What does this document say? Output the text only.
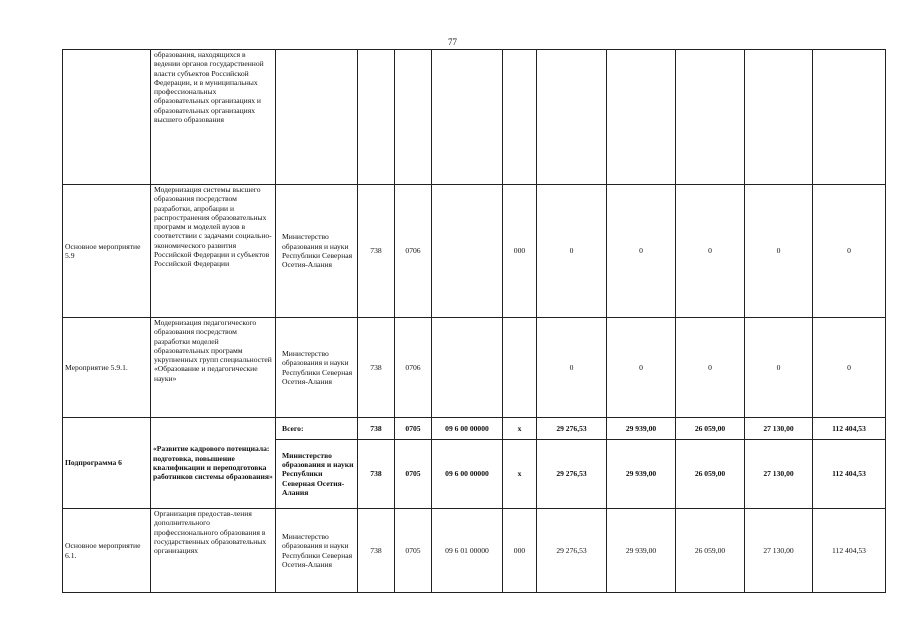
77
	образования, находящихся в ведении органов государственной власти субъектов Российской Федерации, и в муниципальных профессиональных образовательных организациях и образовательных организациях высшего образования										
Основное мероприятие 5.9	Модернизация системы высшего образования посредством разработки, апробации и распространения образовательных программ и моделей вузов в соответствии с задачами социально-экономического развития Российской Федерации и субъектов Российской Федерации	Министерство образования и науки Республики Северная Осетия-Алания	738	0706		000	0	0	0	0	0
Мероприятие 5.9.1.	Модернизация педагогического образования посредством разработки моделей образовательных программ укрупненных групп специальностей «Образование и педагогические науки»	Министерство образования и науки Республики Северная Осетия-Алания	738	0706			0	0	0	0	0
Подпрограмма 6	«Развитие кадрового потенциала: подготовка, повышение квалификации и переподготовка работников системы образования»	Всего:	738	0705	09 6 00 00000	х	29 276,53	29 939,00	26 059,00	27 130,00	112 404,53
		Министерство образования и науки Республики Северная Осетия-Алания	738	0705	09 6 00 00000	х	29 276,53	29 939,00	26 059,00	27 130,00	112 404,53
Основное мероприятие 6.1.	Организация предостав-ления дополнительного профессионального образования в государственных образовательных организациях	Министерство образования и науки Республики Северная Осетия-Алания	738	0705	09 6 01 00000	000	29 276,53	29 939,00	26 059,00	27 130,00	112 404,53
